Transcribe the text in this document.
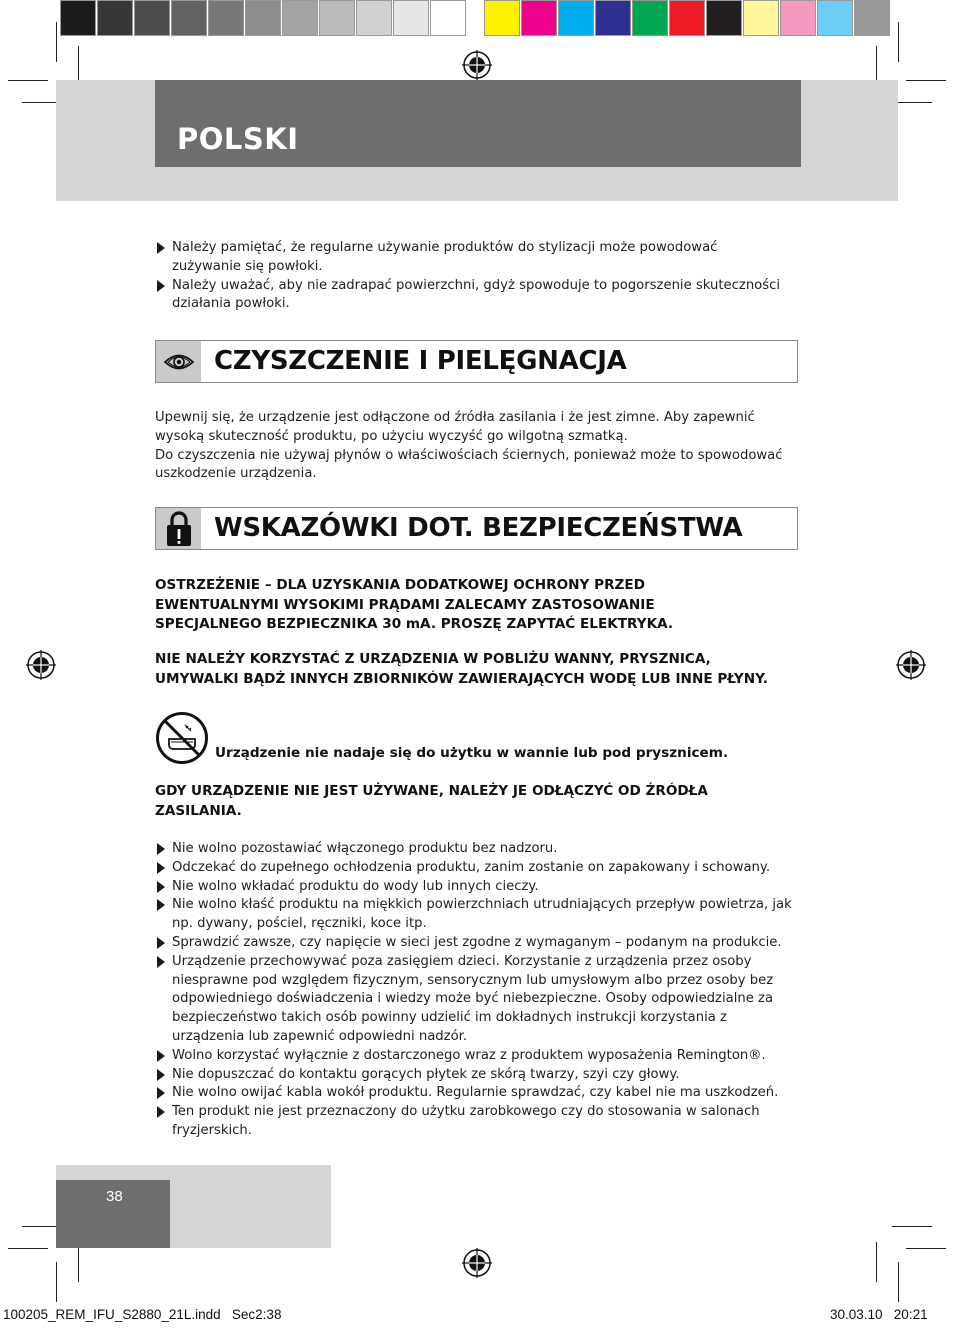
POLSKI
Należy pamiętać, że regularne używanie produktów do stylizacji może powodować zużywanie się powłoki.
Należy uważać, aby nie zadrapać powierzchni, gdyż spowoduje to pogorszenie skuteczności działania powłoki.
CZYSZCZENIE I PIELĘGNACJA
Upewnij się, że urządzenie jest odłączone od źródła zasilania i że jest zimne. Aby zapewnić wysoką skuteczność produktu, po użyciu wyczyść go wilgotną szmatką.
Do czyszczenia nie używaj płynów o właściwościach ściernych, ponieważ może to spowodować uszkodzenie urządzenia.
WSKAZÓWKI DOT. BEZPIECZEŃSTWA

OSTRZEŻENIE – DLA UZYSKANIA DODATKOWEJ OCHRONY PRZED EWENTUALNYMI WYSOKIMI PRĄDAMI ZALECAMY ZASTOSOWANIE SPECJALNEGO BEZPIECZNIKA 30 mA. PROSZĘ ZAPYTAĆ ELEKTRYKA.

NIE NALEŻY KORZYSTAĆ Z URZĄDZENIA W POBLIŻU WANNY, PRYSZNICA, UMYWALKI BĄDŹ INNYCH ZBIORNIKÓW ZAWIERAJĄCYCH WODĘ LUB INNE PŁYNY.

Urządzenie nie nadaje się do użytku w wannie lub pod prysznicem.

GDY URZĄDZENIE NIE JEST UŻYWANE, NALEŻY JE ODŁĄCZYĆ OD ŹRÓDŁA ZASILANIA.

Nie wolno pozostawiać włączonego produktu bez nadzoru.
Odczekać do zupełnego ochłodzenia produktu, zanim zostanie on zapakowany i schowany.
Nie wolno wkładać produktu do wody lub innych cieczy.
Nie wolno kłaść produktu na miękkich powierzchniach utrudniających przepływ powietrza, jak np. dywany, pościel, ręczniki, koce itp.
Sprawdzić zawsze, czy napięcie w sieci jest zgodne z wymaganym – podanym na produkcie.
Urządzenie przechowywać poza zasięgiem dzieci. Korzystanie z urządzenia przez osoby niesprawne pod względem fizycznym, sensorycznym lub umysłowym albo przez osoby bez odpowiedniego doświadczenia i wiedzy może być niebezpieczne. Osoby odpowiedzialne za bezpieczeństwo takich osób powinny udzielić im dokładnych instrukcji korzystania z urządzenia lub zapewnić odpowiedni nadzór.
Wolno korzystać wyłącznie z dostarczonego wraz z produktem wyposażenia Remington®.
Nie dopuszczać do kontaktu gorących płytek ze skórą twarzy, szyi czy głowy.
Nie wolno owijać kabla wokół produktu. Regularnie sprawdzać, czy kabel nie ma uszkodzeń.
Ten produkt nie jest przeznaczony do użytku zarobkowego czy do stosowania w salonach fryzjerskich.
38
100205_REM_IFU_S2880_21L.indd   Sec2:38	30.03.10   20:21
